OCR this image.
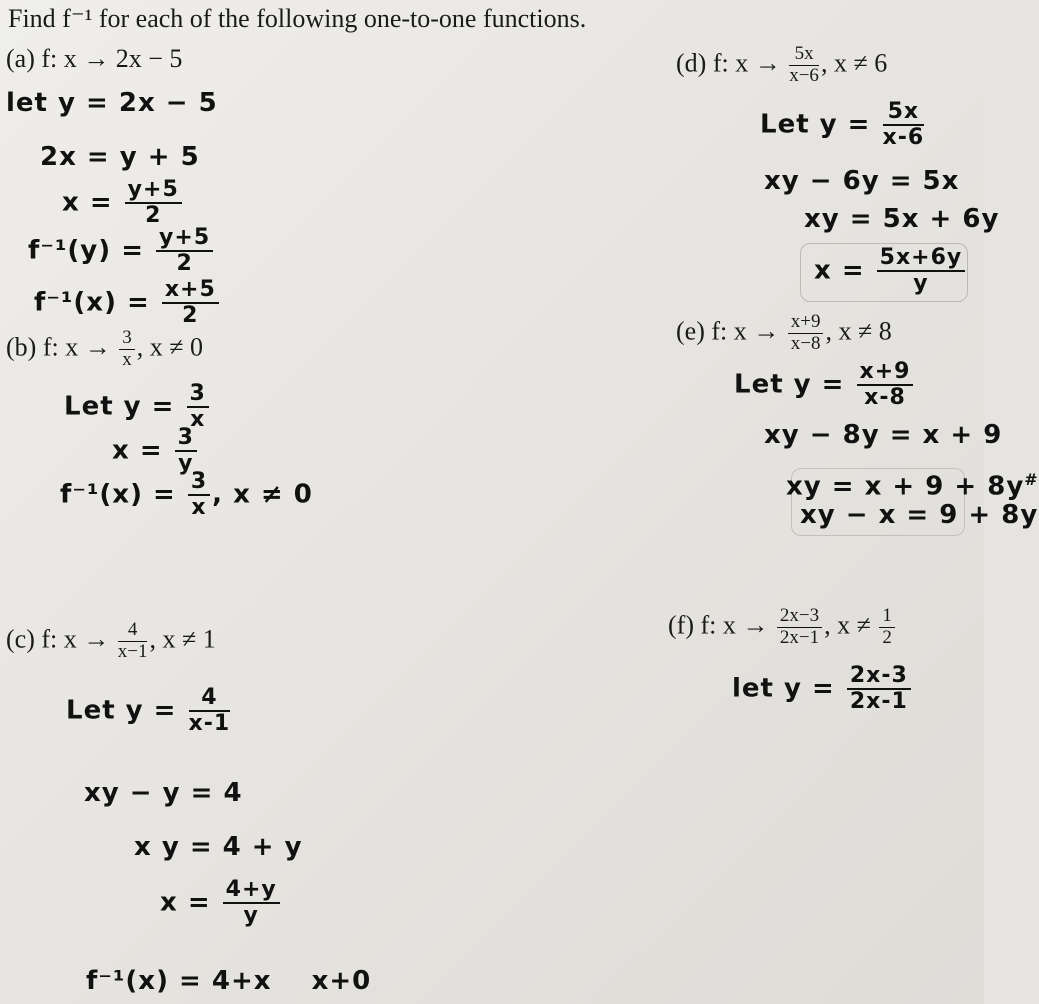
Find f⁻¹ for each of the following one-to-one functions.
(a) f: x → 2x − 5
let y = 2x − 5
2x = y + 5
$x = \frac{y+5}{2}$
$f^{-1}(y) = \frac{y+5}{2}$
$f^{-1}(x) = \frac{x+5}{2}$
(b) f: $x \to \frac{3}{x}$ , x ≠ 0
Let $y = \frac{3}{x}$
$x = \frac{3}{y}$
$f^{-1}(x) = \frac{3}{x}$ , x ≠ 0
(c) f: $x \to \frac{4}{x-1}$ , x ≠ 1
Let $y = \frac{4}{x-1}$
xy − y = 4
x y = 4 + y
$x = \frac{4+y}{y}$
f⁻¹(x) = 4+x x+0
(d) f: $x \to \frac{5x}{x-6}$ , x ≠ 6
Let $y = \frac{5x}{x-6}$
xy − 6y = 5x
xy = 5x + 6y
$x = \frac{5x+6y}{y}$
(e) f: $x \to \frac{x+9}{x-8}$ , x ≠ 8
Let $y = \frac{x+9}{x-8}$
xy − 8y = x + 9
xy = x + 9 + 8y#
xy − x = 9 + 8y
(f) f: $x \to \frac{2x-3}{2x-1}$ , $x \ne \frac{1}{2}$
let $y = \frac{2x-3}{2x-1}$
